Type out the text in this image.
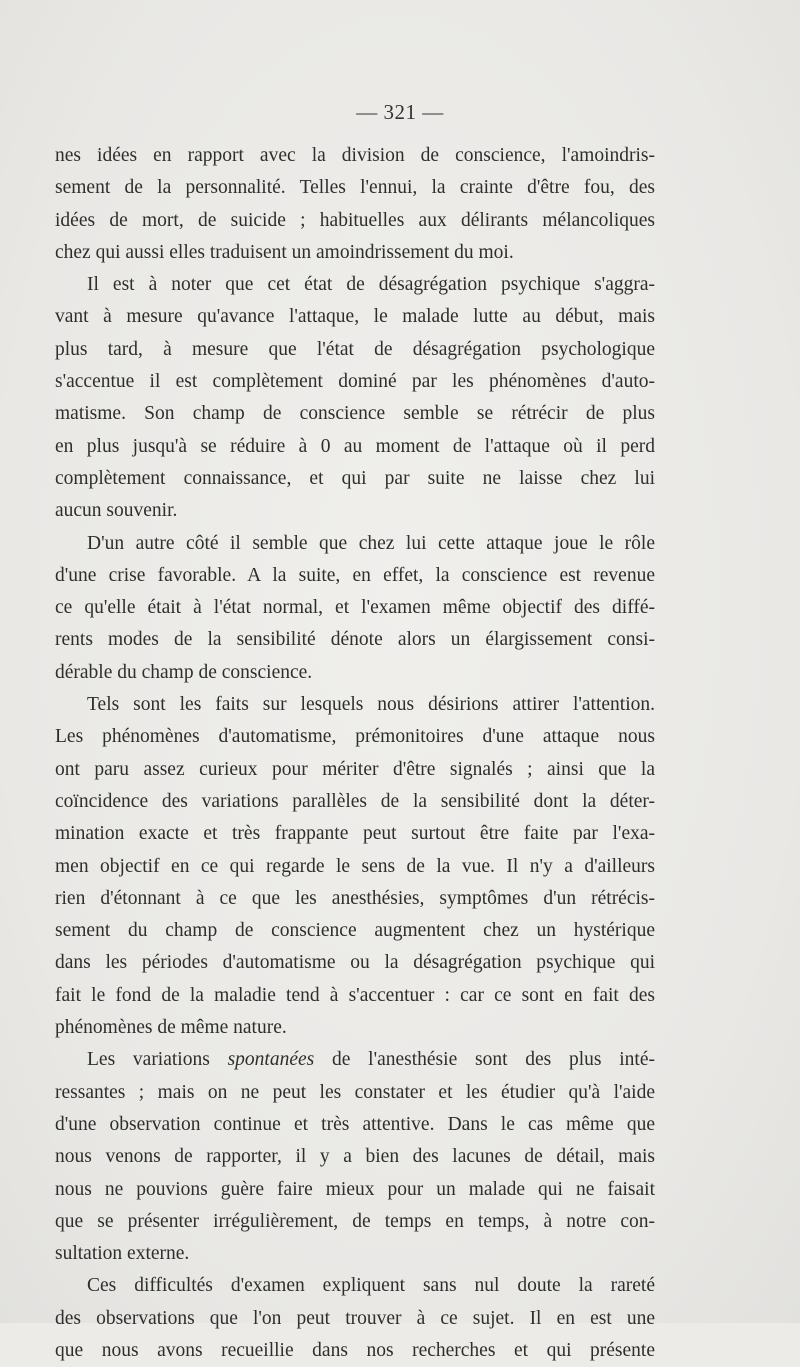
— 321 —

nes idées en rapport avec la division de conscience, l'amoindris-
sement de la personnalité. Telles l'ennui, la crainte d'être fou, des
idées de mort, de suicide ; habituelles aux délirants mélancoliques
chez qui aussi elles traduisent un amoindrissement du moi.

Il est à noter que cet état de désagrégation psychique s'aggra-
vant à mesure qu'avance l'attaque, le malade lutte au début, mais
plus tard, à mesure que l'état de désagrégation psychologique
s'accentue il est complètement dominé par les phénomènes d'auto-
matisme. Son champ de conscience semble se rétrécir de plus
en plus jusqu'à se réduire à 0 au moment de l'attaque où il perd
complètement connaissance, et qui par suite ne laisse chez lui
aucun souvenir.

D'un autre côté il semble que chez lui cette attaque joue le rôle
d'une crise favorable. A la suite, en effet, la conscience est revenue
ce qu'elle était à l'état normal, et l'examen même objectif des diffé-
rents modes de la sensibilité dénote alors un élargissement consi-
dérable du champ de conscience.

Tels sont les faits sur lesquels nous désirions attirer l'attention.
Les phénomènes d'automatisme, prémonitoires d'une attaque nous
ont paru assez curieux pour mériter d'être signalés ; ainsi que la
coïncidence des variations parallèles de la sensibilité dont la déter-
mination exacte et très frappante peut surtout être faite par l'exa-
men objectif en ce qui regarde le sens de la vue. Il n'y a d'ailleurs
rien d'étonnant à ce que les anesthésies, symptômes d'un rétrécis-
sement du champ de conscience augmentent chez un hystérique
dans les périodes d'automatisme ou la désagrégation psychique qui
fait le fond de la maladie tend à s'accentuer : car ce sont en fait des
phénomènes de même nature.

Les variations spontanées de l'anesthésie sont des plus inté-
ressantes ; mais on ne peut les constater et les étudier qu'à l'aide
d'une observation continue et très attentive. Dans le cas même que
nous venons de rapporter, il y a bien des lacunes de détail, mais
nous ne pouvions guère faire mieux pour un malade qui ne faisait
que se présenter irrégulièrement, de temps en temps, à notre con-
sultation externe.

Ces difficultés d'examen expliquent sans nul doute la rareté
des observations que l'on peut trouver à ce sujet. Il en est une
que nous avons recueillie dans nos recherches et qui présente
